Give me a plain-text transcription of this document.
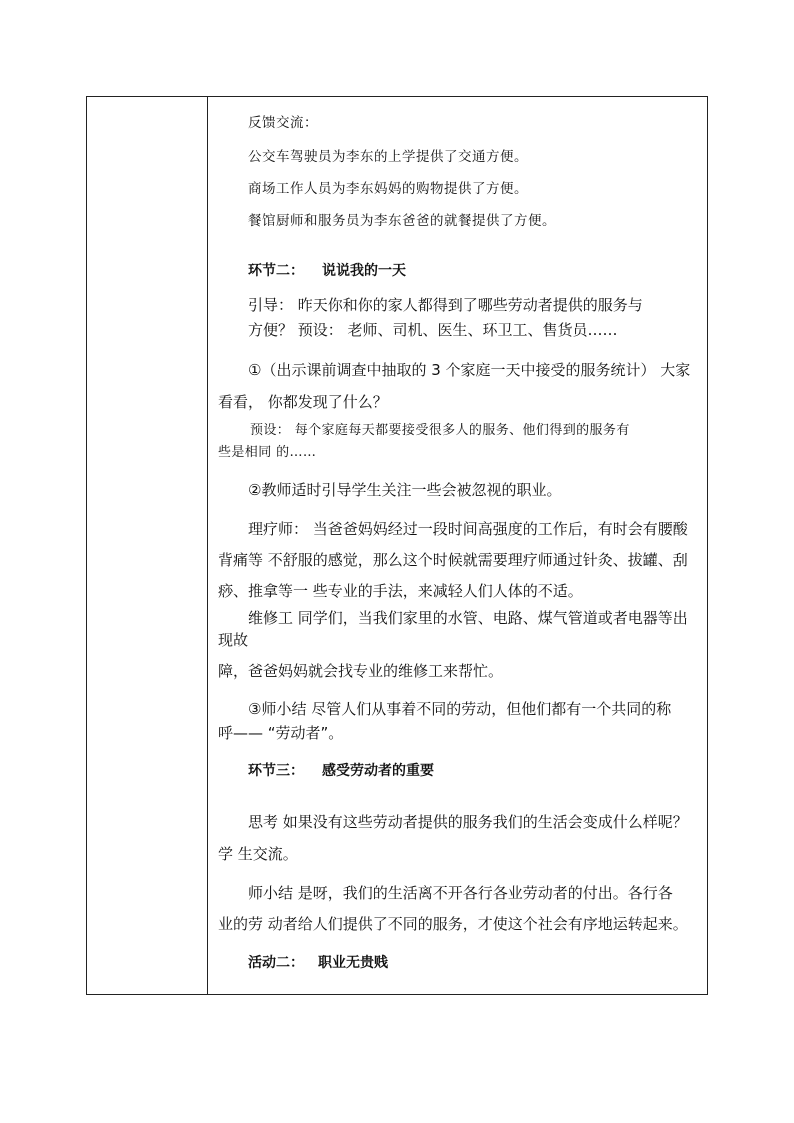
反馈交流：
公交车驾驶员为李东的上学提供了交通方便。
商场工作人员为李东妈妈的购物提供了方便。
餐馆厨师和服务员为李东爸爸的就餐提供了方便。
环节二： 说说我的一天
引导： 昨天你和你的家人都得到了哪些劳动者提供的服务与
方便？ 预设： 老师、司机、医生、环卫工、售货员……
①（出示课前调查中抽取的 3 个家庭一天中接受的服务统计） 大家
看看， 你都发现了什么？
预设： 每个家庭每天都要接受很多人的服务、他们得到的服务有
些是相同 的……
②教师适时引导学生关注一些会被忽视的职业。
理疗师： 当爸爸妈妈经过一段时间高强度的工作后，有时会有腰酸
背痛等 不舒服的感觉，那么这个时候就需要理疗师通过针灸、拔罐、刮
痧、推拿等一 些专业的手法，来减轻人们人体的不适。
维修工 同学们，当我们家里的水管、电路、煤气管道或者电器等出
现故
障，爸爸妈妈就会找专业的维修工来帮忙。
③师小结 尽管人们从事着不同的劳动，但他们都有一个共同的称
呼—— “劳动者”。
环节三： 感受劳动者的重要
思考 如果没有这些劳动者提供的服务我们的生活会变成什么样呢？
学 生交流。
师小结 是呀，我们的生活离不开各行各业劳动者的付出。各行各
业的劳 动者给人们提供了不同的服务，才使这个社会有序地运转起来。
活动二： 职业无贵贱
